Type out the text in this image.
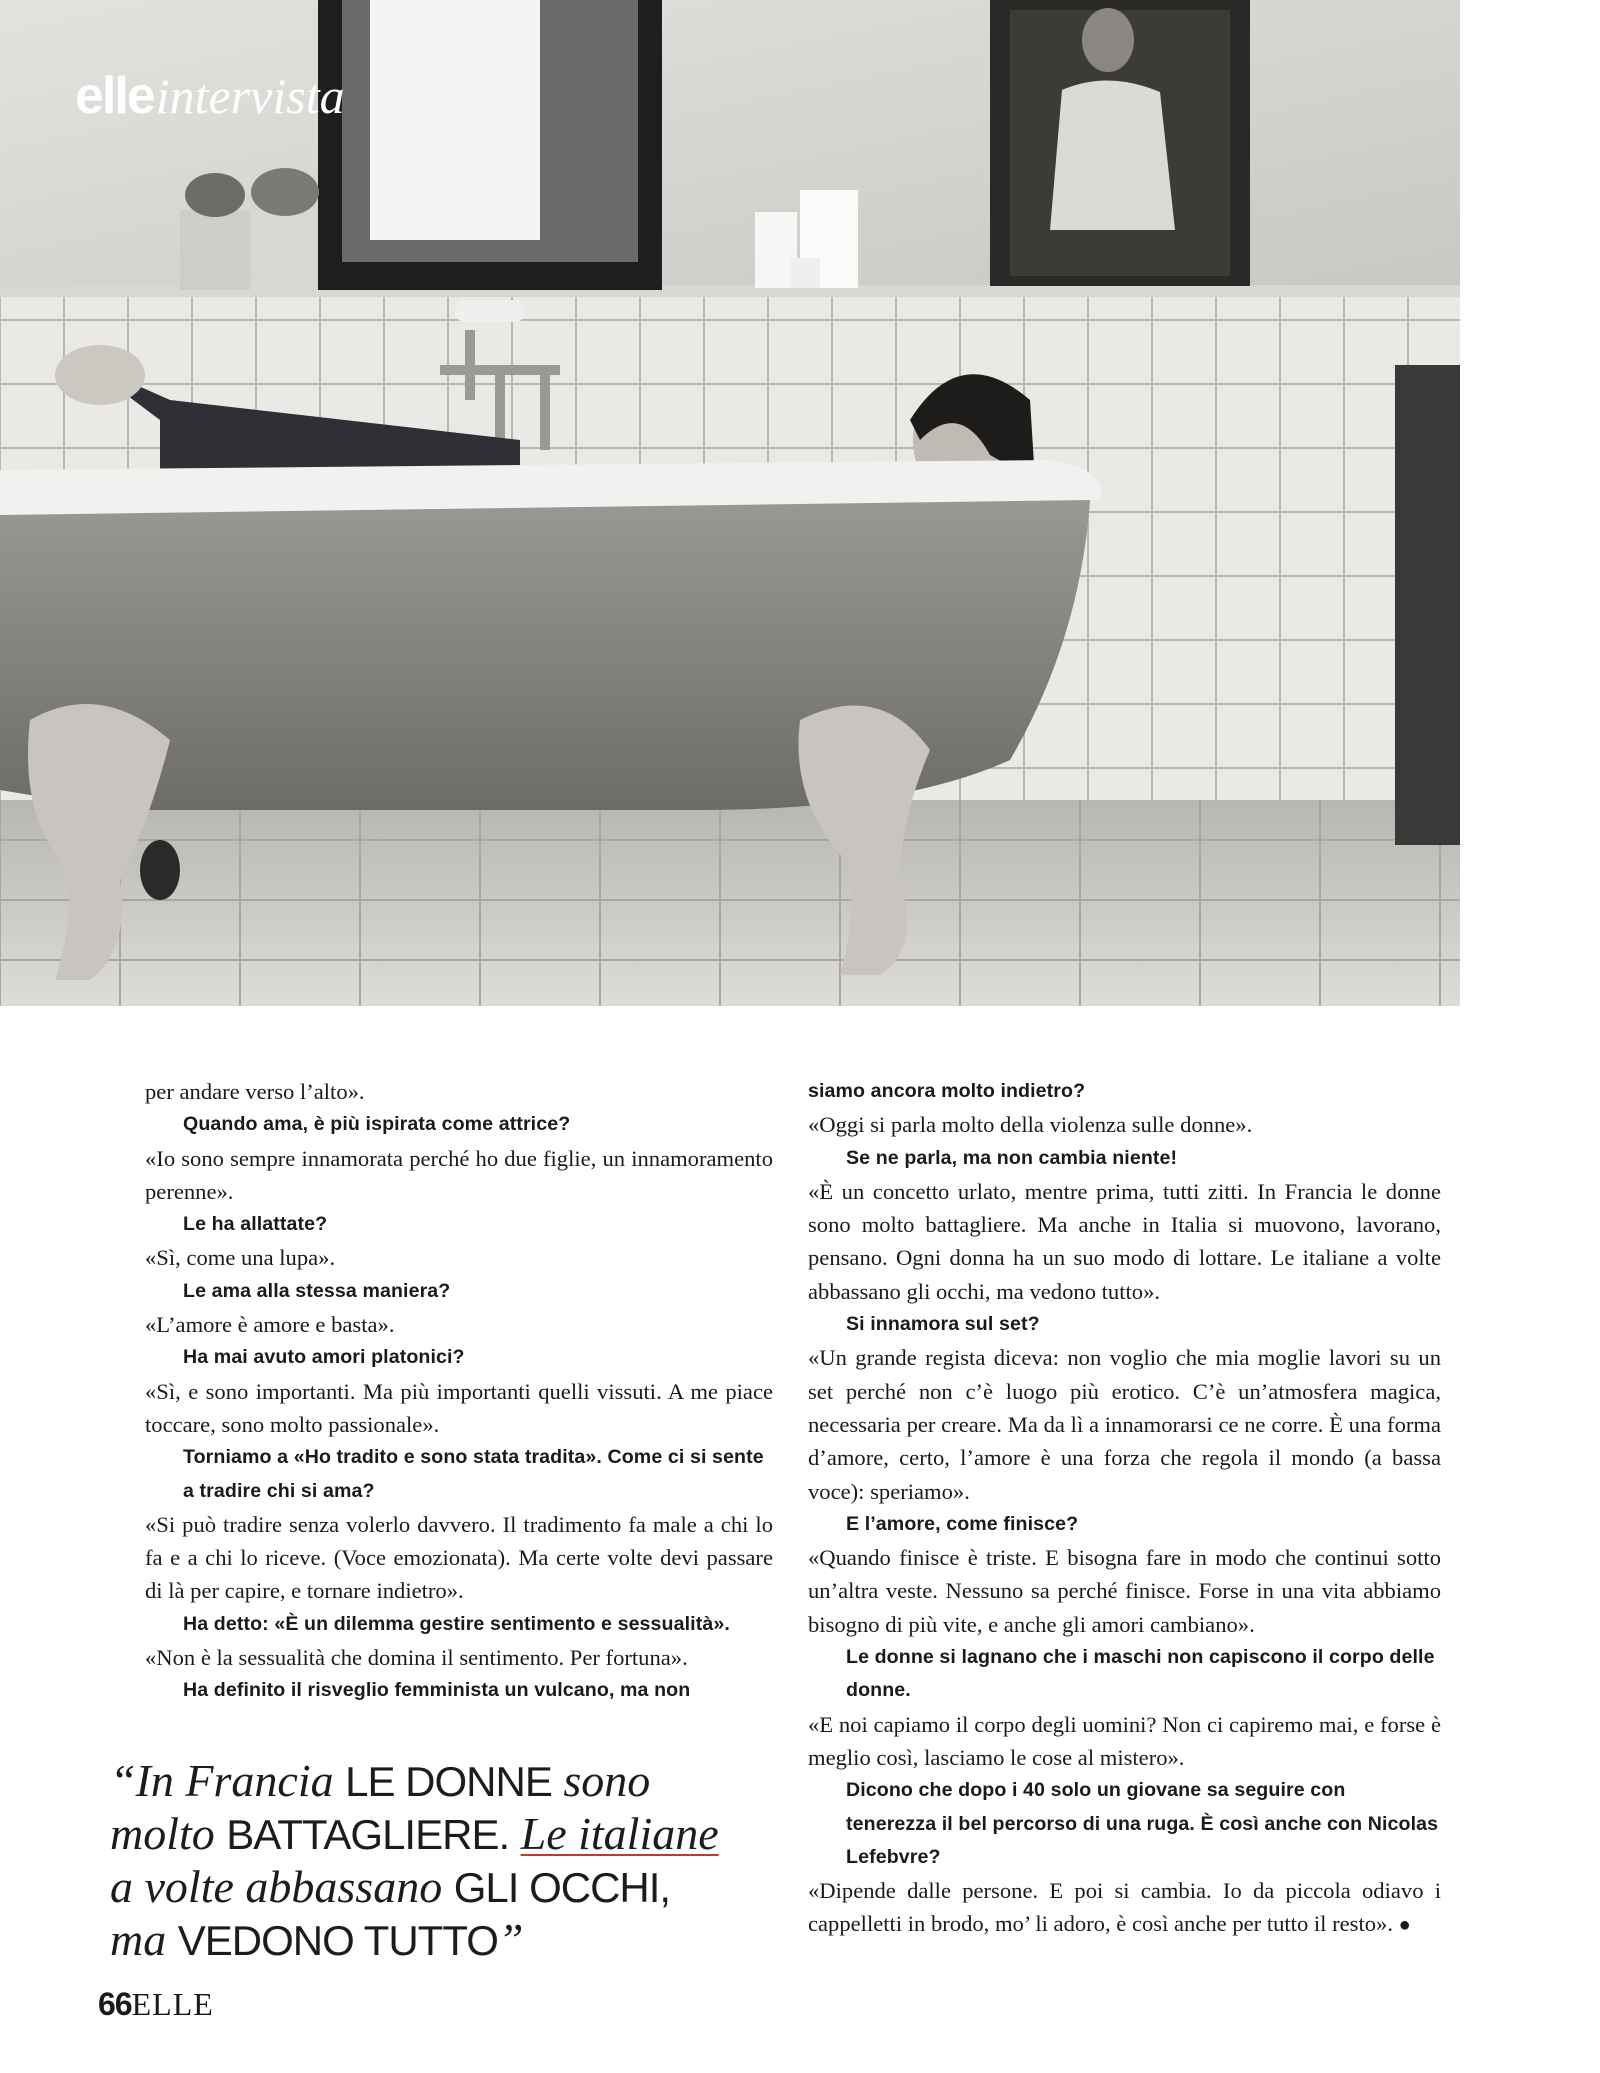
elleintervista

per andare verso l’alto».

Quando ama, è più ispirata come attrice?

«Io sono sempre innamorata perché ho due figlie, un innamoramento perenne».

Le ha allattate?

«Sì, come una lupa».

Le ama alla stessa maniera?

«L’amore è amore e basta».

Ha mai avuto amori platonici?

«Sì, e sono importanti. Ma più importanti quelli vissuti. A me piace toccare, sono molto passionale».

Torniamo a «Ho tradito e sono stata tradita». Come ci si sente a tradire chi si ama?

«Si può tradire senza volerlo davvero. Il tradimento fa male a chi lo fa e a chi lo riceve. (Voce emozionata). Ma certe volte devi passare di là per capire, e tornare indietro».

Ha detto: «È un dilemma gestire sentimento e sessualità».

«Non è la sessualità che domina il sentimento. Per fortuna».

Ha definito il risveglio femminista un vulcano, ma non

siamo ancora molto indietro?

«Oggi si parla molto della violenza sulle donne».

Se ne parla, ma non cambia niente!

«È un concetto urlato, mentre prima, tutti zitti. In Francia le donne sono molto battagliere. Ma anche in Italia si muovono, lavorano, pensano. Ogni donna ha un suo modo di lottare. Le italiane a volte abbassano gli occhi, ma vedono tutto».

Si innamora sul set?

«Un grande regista diceva: non voglio che mia moglie lavori su un set perché non c’è luogo più erotico. C’è un’atmosfera magica, necessaria per creare. Ma da lì a innamorarsi ce ne corre. È una forma d’amore, certo, l’amore è una forza che regola il mondo (a bassa voce): speriamo».

E l’amore, come finisce?

«Quando finisce è triste. E bisogna fare in modo che continui sotto un’altra veste. Nessuno sa perché finisce. Forse in una vita abbiamo bisogno di più vite, e anche gli amori cambiano».

Le donne si lagnano che i maschi non capiscono il corpo delle donne.

«E noi capiamo il corpo degli uomini? Non ci capiremo mai, e forse è meglio così, lasciamo le cose al mistero».

Dicono che dopo i 40 solo un giovane sa seguire con tenerezza il bel percorso di una ruga. È così anche con Nicolas Lefebvre?

«Dipende dalle persone. E poi si cambia. Io da piccola odiavo i cappelletti in brodo, mo’ li adoro, è così anche per tutto il resto». ●

“In Francia LE DONNE sono molto BATTAGLIERE. Le italiane a volte abbassano GLI OCCHI, ma VEDONO TUTTO”
66ELLE
